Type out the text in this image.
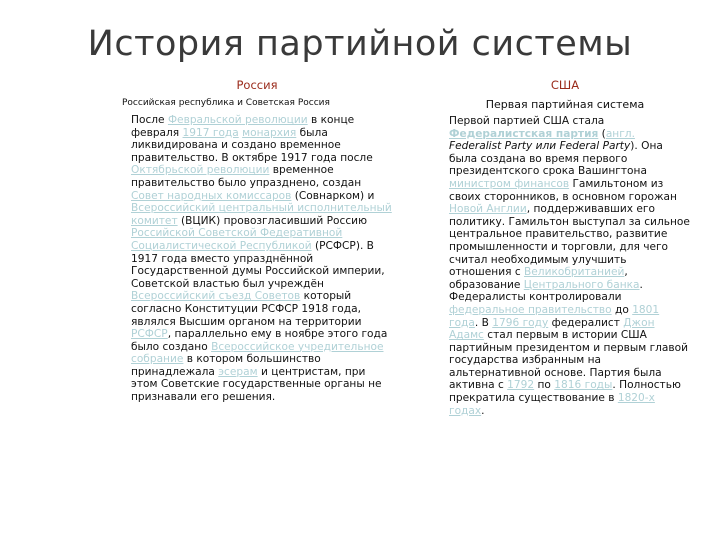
История партийной системы
Россия
Российская республика и Советская Россия
После Февральской революции в конце февраля 1917 года монархия была ликвидирована и создано временное правительство. В октябре 1917 года после Октябрьской революции временное правительство было упразднено, создан Совет народных комиссаров (Совнарком) и Всероссийский центральный исполнительный комитет (ВЦИК) провозгласивший Россию Российской Советской Федеративной Социалистической Республикой (РСФСР). В 1917 года вместо упразднённой Государственной думы Российской империи, Советской властью был учреждён Всероссийский съезд Советов который согласно Конституции РСФСР 1918 года, являлся Высшим органом на территории РСФСР, параллельно ему в ноябре этого года было создано Всероссийское учредительное собрание в котором большинство принадлежала эсерам и центристам, при этом Советские государственные органы не признавали его решения.
США
Первая партийная система
Первой партией США стала Федералистская партия (англ. Federalist Party или Federal Party). Она была создана во время первого президентского срока Вашингтона министром финансов Гамильтоном из своих сторонников, в основном горожан Новой Англии, поддерживавших его политику. Гамильтон выступал за сильное центральное правительство, развитие промышленности и торговли, для чего считал необходимым улучшить отношения с Великобританией, образование Центрального банка. Федералисты контролировали федеральное правительство до 1801 года. В 1796 году федералист Джон Адамс стал первым в истории США партийным президентом и первым главой государства избранным на альтернативной основе. Партия была активна с 1792 по 1816 годы. Полностью прекратила существование в 1820-х годах.
